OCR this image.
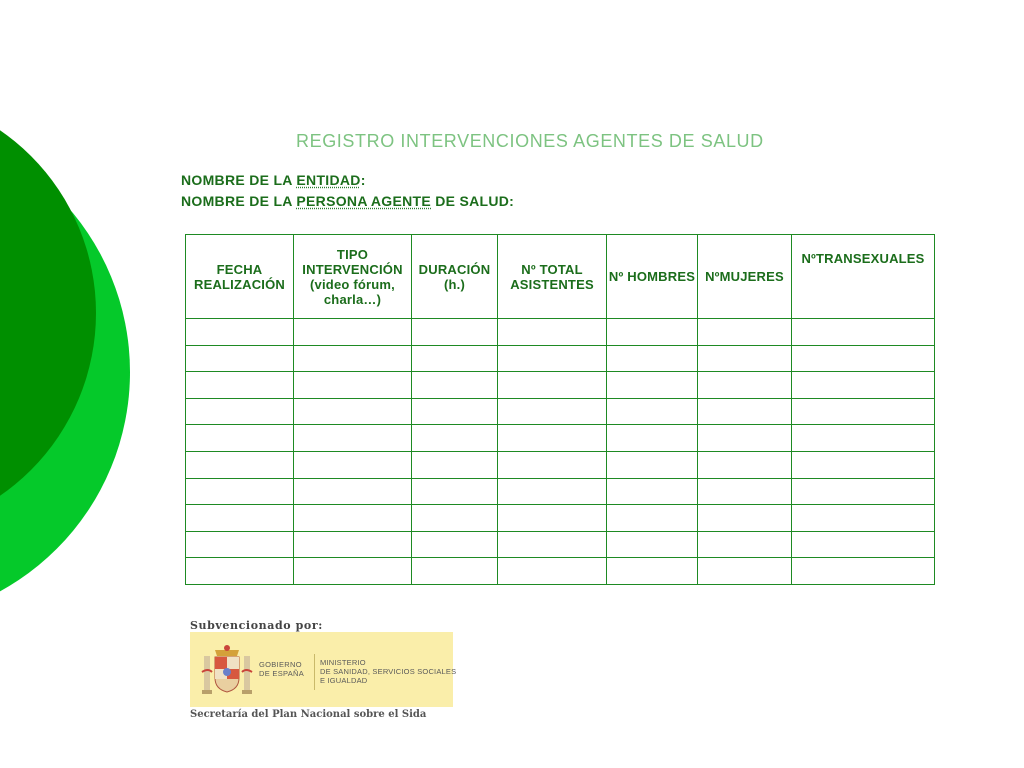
REGISTRO INTERVENCIONES AGENTES DE SALUD
NOMBRE DE LA ENTIDAD:
NOMBRE DE LA PERSONA AGENTE DE SALUD:
FECHA REALIZACIÓN	TIPO INTERVENCIÓN (video fórum, charla…)	DURACIÓN (h.)	Nº TOTAL ASISTENTES	Nº HOMBRES	NºMUJERES	NºTRANSEXUALES

Subvencionado por:
GOBIERNO
DE ESPAÑA
MINISTERIO
DE SANIDAD, SERVICIOS SOCIALES
E IGUALDAD
Secretaría del Plan Nacional sobre el Sida
